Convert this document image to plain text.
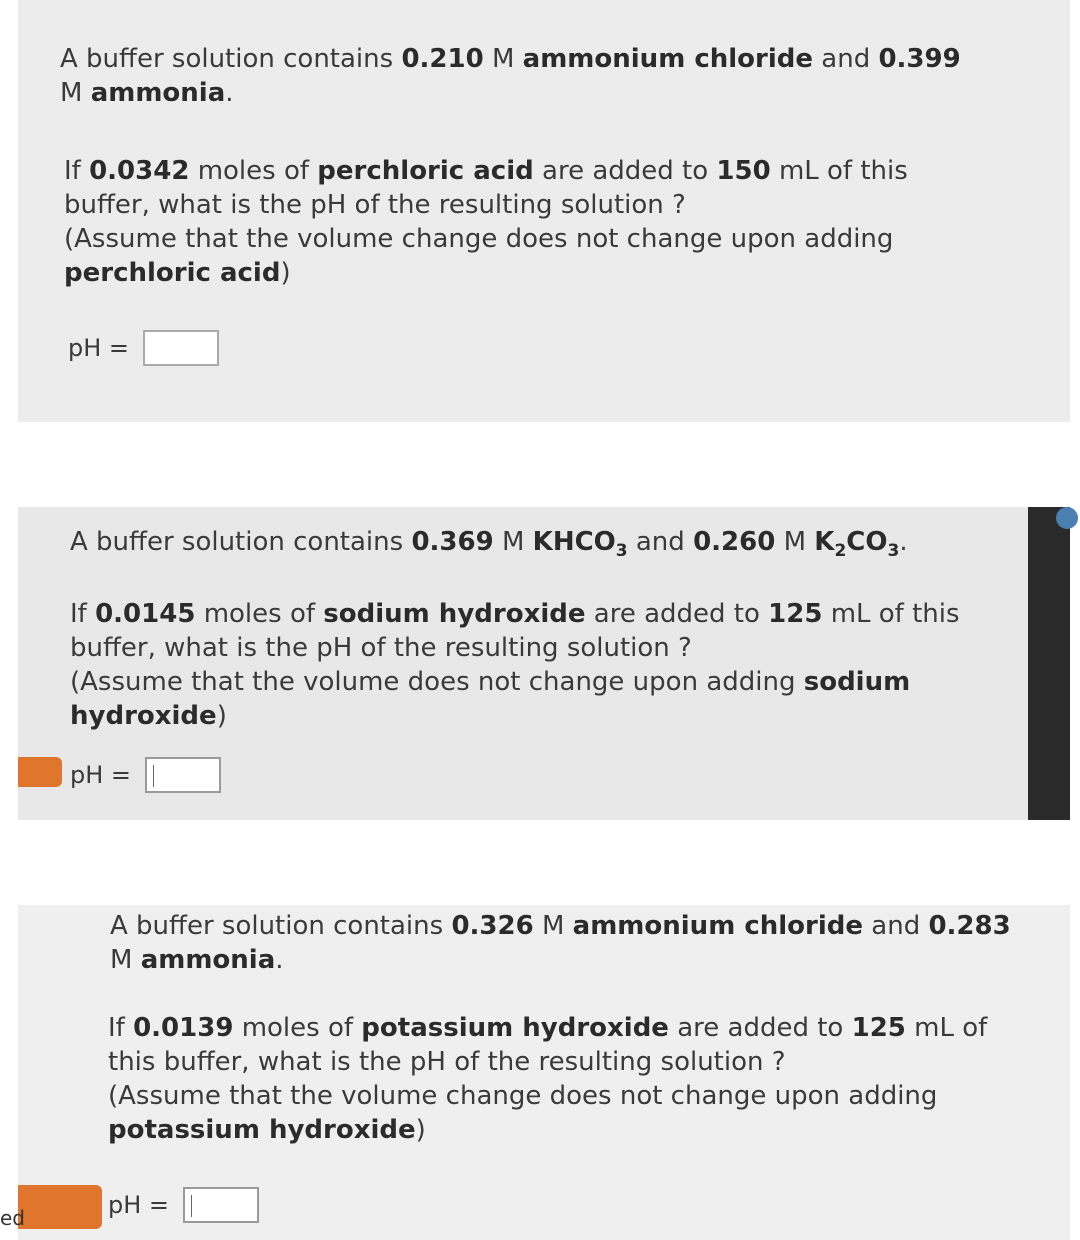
A buffer solution contains 0.210 M ammonium chloride and 0.399
M ammonia.
If 0.0342 moles of perchloric acid are added to 150 mL of this
buffer, what is the pH of the resulting solution ?
(Assume that the volume change does not change upon adding
perchloric acid)
pH =
A buffer solution contains 0.369 M $KHCO_3$ and 0.260 M $K_2CO_3$.
If 0.0145 moles of sodium hydroxide are added to 125 mL of this
buffer, what is the pH of the resulting solution ?
(Assume that the volume does not change upon adding sodium
hydroxide)
pH =
A buffer solution contains 0.326 M ammonium chloride and 0.283
M ammonia.
If 0.0139 moles of potassium hydroxide are added to 125 mL of
this buffer, what is the pH of the resulting solution ?
(Assume that the volume change does not change upon adding
potassium hydroxide)
pH =
ed
